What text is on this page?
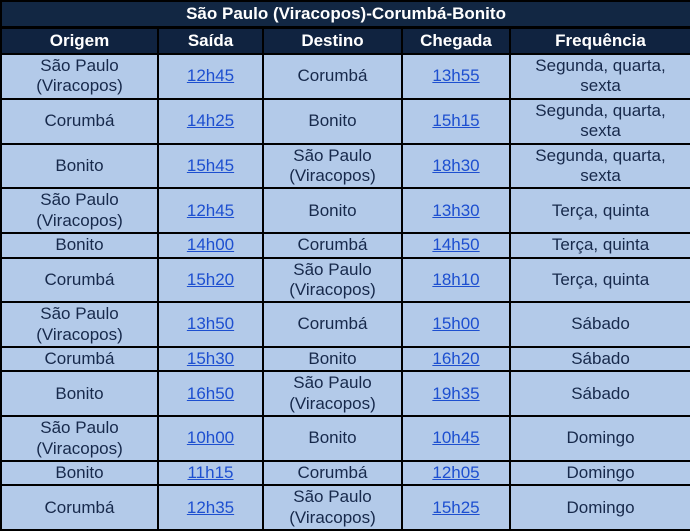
São Paulo (Viracopos)-Corumbá-Bonito				
Origem	Saída	Destino	Chegada	Frequência
São Paulo (Viracopos)	12h45	Corumbá	13h55	Segunda, quarta, sexta
Corumbá	14h25	Bonito	15h15	Segunda, quarta, sexta
Bonito	15h45	São Paulo (Viracopos)	18h30	Segunda, quarta, sexta
São Paulo (Viracopos)	12h45	Bonito	13h30	Terça, quinta
Bonito	14h00	Corumbá	14h50	Terça, quinta
Corumbá	15h20	São Paulo (Viracopos)	18h10	Terça, quinta
São Paulo (Viracopos)	13h50	Corumbá	15h00	Sábado
Corumbá	15h30	Bonito	16h20	Sábado
Bonito	16h50	São Paulo (Viracopos)	19h35	Sábado
São Paulo (Viracopos)	10h00	Bonito	10h45	Domingo
Bonito	11h15	Corumbá	12h05	Domingo
Corumbá	12h35	São Paulo (Viracopos)	15h25	Domingo
